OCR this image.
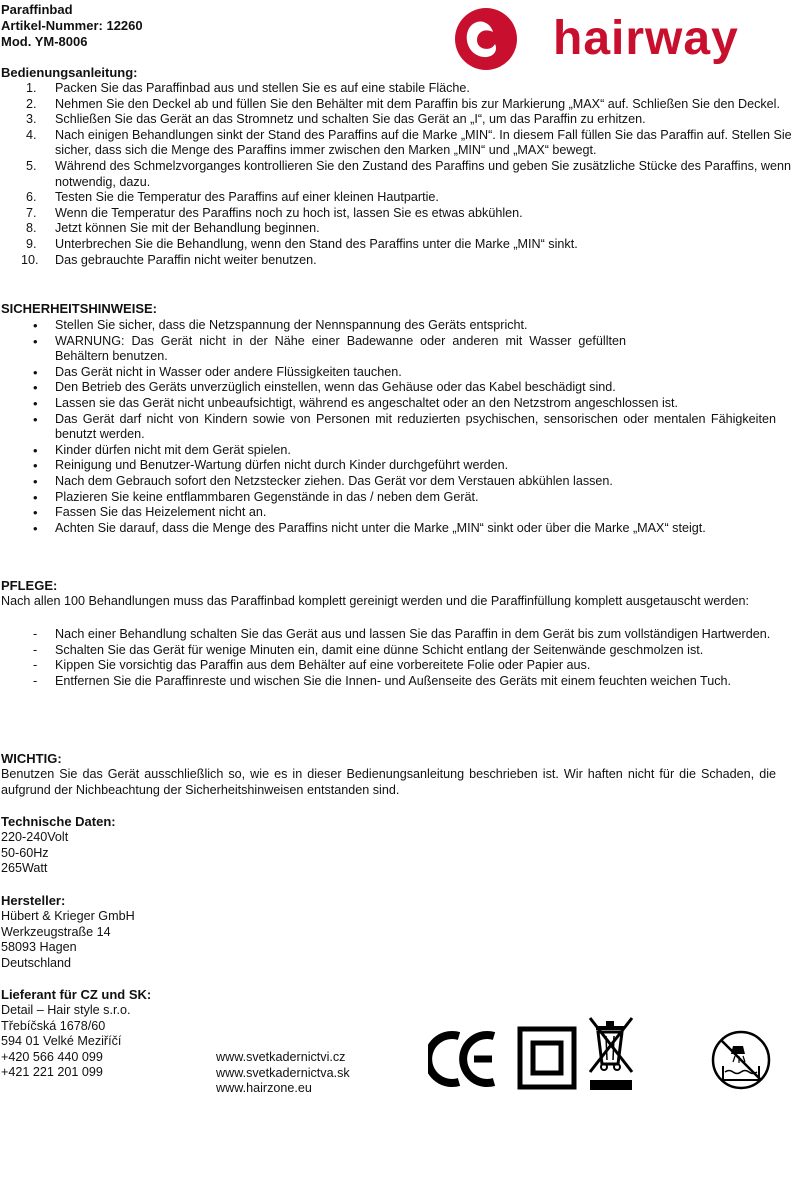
Paraffinbad
Artikel-Nummer: 12260
Mod. YM-8006	hairway
Bedienungsanleitung:
1.	Packen Sie das Paraffinbad aus und stellen Sie es auf eine stabile Fläche.
2.	Nehmen Sie den Deckel ab und füllen Sie den Behälter mit dem Paraffin bis zur Markierung „MAX“ auf. Schließen Sie den Deckel.
3.	Schließen Sie das Gerät an das Stromnetz und schalten Sie das Gerät an „I“, um das Paraffin zu erhitzen.
4.	Nach einigen Behandlungen sinkt der Stand des Paraffins auf die Marke „MIN“. In diesem Fall füllen Sie das Paraffin auf. Stellen Sie sicher, dass sich die Menge des Paraffins immer zwischen den Marken „MIN“ und „MAX“ bewegt.
5.	Während des Schmelzvorganges kontrollieren Sie den Zustand des Paraffins und geben Sie zusätzliche Stücke des Paraffins, wenn notwendig, dazu.
6.	Testen Sie die Temperatur des Paraffins auf einer kleinen Hautpartie.
7.	Wenn die Temperatur des Paraffins noch zu hoch ist, lassen Sie es etwas abkühlen.
8.	Jetzt können Sie mit der Behandlung beginnen.
9.	Unterbrechen Sie die Behandlung, wenn den Stand des Paraffins unter die Marke „MIN“ sinkt.
10.	Das gebrauchte Paraffin nicht weiter benutzen.
SICHERHEITSHINWEISE:
• Stellen Sie sicher, dass die Netzspannung der Nennspannung des Geräts entspricht.
• WARNUNG: Das Gerät nicht in der Nähe einer Badewanne oder anderen mit Wasser gefüllten Behältern benutzen.
• Das Gerät nicht in Wasser oder andere Flüssigkeiten tauchen.
• Den Betrieb des Geräts unverzüglich einstellen, wenn das Gehäuse oder das Kabel beschädigt sind.
• Lassen sie das Gerät nicht unbeaufsichtigt, während es angeschaltet oder an den Netzstrom angeschlossen ist.
• Das Gerät darf nicht von Kindern sowie von Personen mit reduzierten psychischen, sensorischen oder mentalen Fähigkeiten benutzt werden.
• Kinder dürfen nicht mit dem Gerät spielen.
• Reinigung und Benutzer-Wartung dürfen nicht durch Kinder durchgeführt werden.
• Nach dem Gebrauch sofort den Netzstecker ziehen. Das Gerät vor dem Verstauen abkühlen lassen.
• Plazieren Sie keine entflammbaren Gegenstände in das / neben dem Gerät.
• Fassen Sie das Heizelement nicht an.
• Achten Sie darauf, dass die Menge des Paraffins nicht unter die Marke „MIN“ sinkt oder über die Marke „MAX“ steigt.
PFLEGE:
Nach allen 100 Behandlungen muss das Paraffinbad komplett gereinigt werden und die Paraffinfüllung komplett ausgetauscht werden:
- Nach einer Behandlung schalten Sie das Gerät aus und lassen Sie das Paraffin in dem Gerät bis zum vollständigen Hartwerden.
- Schalten Sie das Gerät für wenige Minuten ein, damit eine dünne Schicht entlang der Seitenwände geschmolzen ist.
- Kippen Sie vorsichtig das Paraffin aus dem Behälter auf eine vorbereitete Folie oder Papier aus.
- Entfernen Sie die Paraffinreste und wischen Sie die Innen- und Außenseite des Geräts mit einem feuchten weichen Tuch.
WICHTIG:
Benutzen Sie das Gerät ausschließlich so, wie es in dieser Bedienungsanleitung beschrieben ist. Wir haften nicht für die Schaden, die aufgrund der Nichbeachtung der Sicherheitshinweisen entstanden sind.
Technische Daten:
220-240Volt
50-60Hz
265Watt
Hersteller:
Hübert & Krieger GmbH
Werkzeugstraße 14
58093 Hagen
Deutschland
Lieferant für CZ und SK:
Detail – Hair style s.r.o.
Třebíčská 1678/60
594 01 Velké Meziříčí
+420 566 440 099
+421 221 201 099
www.svetkadernictvi.cz
www.svetkadernictva.sk
www.hairzone.eu
